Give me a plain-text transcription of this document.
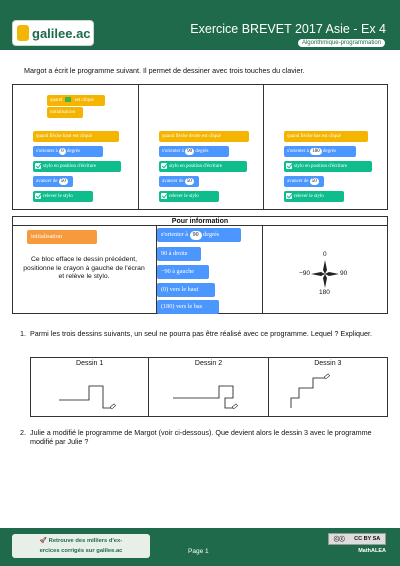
galilee.ac	Exercice BREVET 2017 Asie - Ex 4
Algorithmique-programmation
Margot a écrit le programme suivant. Il permet de dessiner avec trois touches du clavier.
quand	est cliqué
initialisation
quand flèche haut est cliqué
s'orienter à 0 degrés
stylo en position d'écriture
avancer de 50
relever le stylo
quand flèche droite est cliqué
s'orienter à 90 degrés
stylo en position d'écriture
avancer de 50
relever le stylo
quand flèche bas est cliqué
s'orienter à 180 degrés
stylo en position d'écriture
avancer de 50
relever le stylo
Pour information
initialisation
Ce bloc efface le dessin précédent, positionne le crayon à gauche de l'écran et relève le stylo.
s'orienter à 90 degrés
90 à droite
−90 à gauche
(0) vers le haut
(180) vers le bas
0
180
−90	90
1. Parmi les trois dessins suivants, un seul ne pourra pas être réalisé avec ce programme. Lequel ? Expliquer.
Dessin 1	Dessin 2	Dessin 3
2. Julie a modifié le programme de Margot (voir ci-dessous). Que devient alors le dessin 3 avec le programme modifié par Julie ?
🚀 Retrouve des milliers d'ex-
ercices corrigés sur galilee.ac	Page 1
ⓒⓒ CC BY SA
MathALEA
